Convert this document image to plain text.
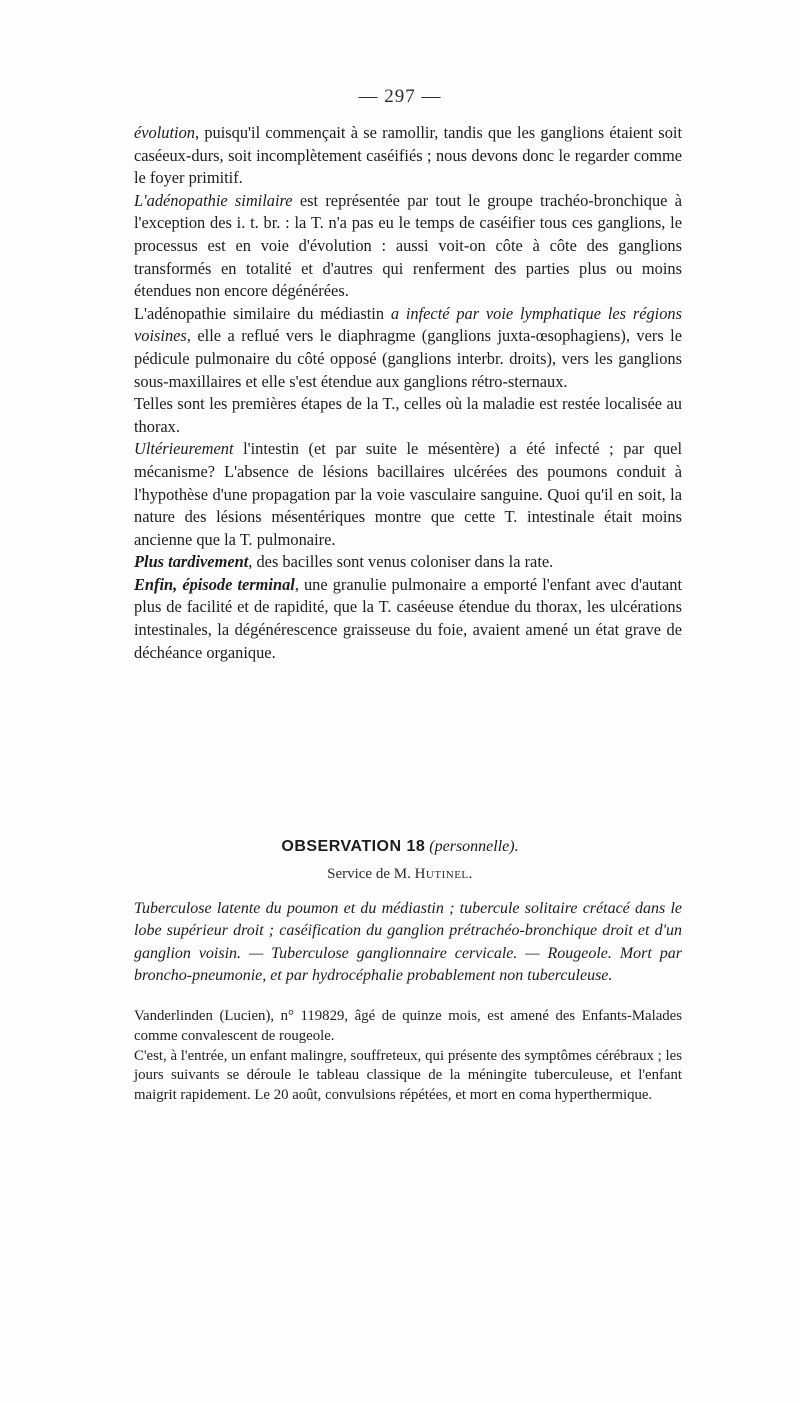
— 297 —

évolution, puisqu'il commençait à se ramollir, tandis que les ganglions étaient soit caséeux-durs, soit incomplètement caséifiés ; nous devons donc le regarder comme le foyer primitif.

L'adénopathie similaire est représentée par tout le groupe trachéo-bronchique à l'exception des i. t. br. : la T. n'a pas eu le temps de caséifier tous ces ganglions, le processus est en voie d'évolution : aussi voit-on côte à côte des ganglions transformés en totalité et d'autres qui renferment des parties plus ou moins étendues non encore dégénérées.

L'adénopathie similaire du médiastin a infecté par voie lymphatique les régions voisines, elle a reflué vers le diaphragme (ganglions juxta-œsophagiens), vers le pédicule pulmonaire du côté opposé (ganglions interbr. droits), vers les ganglions sous-maxillaires et elle s'est étendue aux ganglions rétro-sternaux.

Telles sont les premières étapes de la T., celles où la maladie est restée localisée au thorax.

Ultérieurement l'intestin (et par suite le mésentère) a été infecté ; par quel mécanisme? L'absence de lésions bacillaires ulcérées des poumons conduit à l'hypothèse d'une propagation par la voie vasculaire sanguine. Quoi qu'il en soit, la nature des lésions mésentériques montre que cette T. intestinale était moins ancienne que la T. pulmonaire.

Plus tardivement, des bacilles sont venus coloniser dans la rate.

Enfin, épisode terminal, une granulie pulmonaire a emporté l'enfant avec d'autant plus de facilité et de rapidité, que la T. caséeuse étendue du thorax, les ulcérations intestinales, la dégénérescence graisseuse du foie, avaient amené un état grave de déchéance organique.

OBSERVATION 18 (personnelle).
Service de M. Hutinel.
Tuberculose latente du poumon et du médiastin ; tubercule solitaire crétacé dans le lobe supérieur droit ; caséification du ganglion prétrachéo-bronchique droit et d'un ganglion voisin. — Tuberculose ganglionnaire cervicale. — Rougeole. Mort par broncho-pneumonie, et par hydrocéphalie probablement non tuberculeuse.

Vanderlinden (Lucien), n° 119829, âgé de quinze mois, est amené des Enfants-Malades comme convalescent de rougeole.

C'est, à l'entrée, un enfant malingre, souffreteux, qui présente des symptômes cérébraux ; les jours suivants se déroule le tableau classique de la méningite tuberculeuse, et l'enfant maigrit rapidement. Le 20 août, convulsions répétées, et mort en coma hyperthermique.
